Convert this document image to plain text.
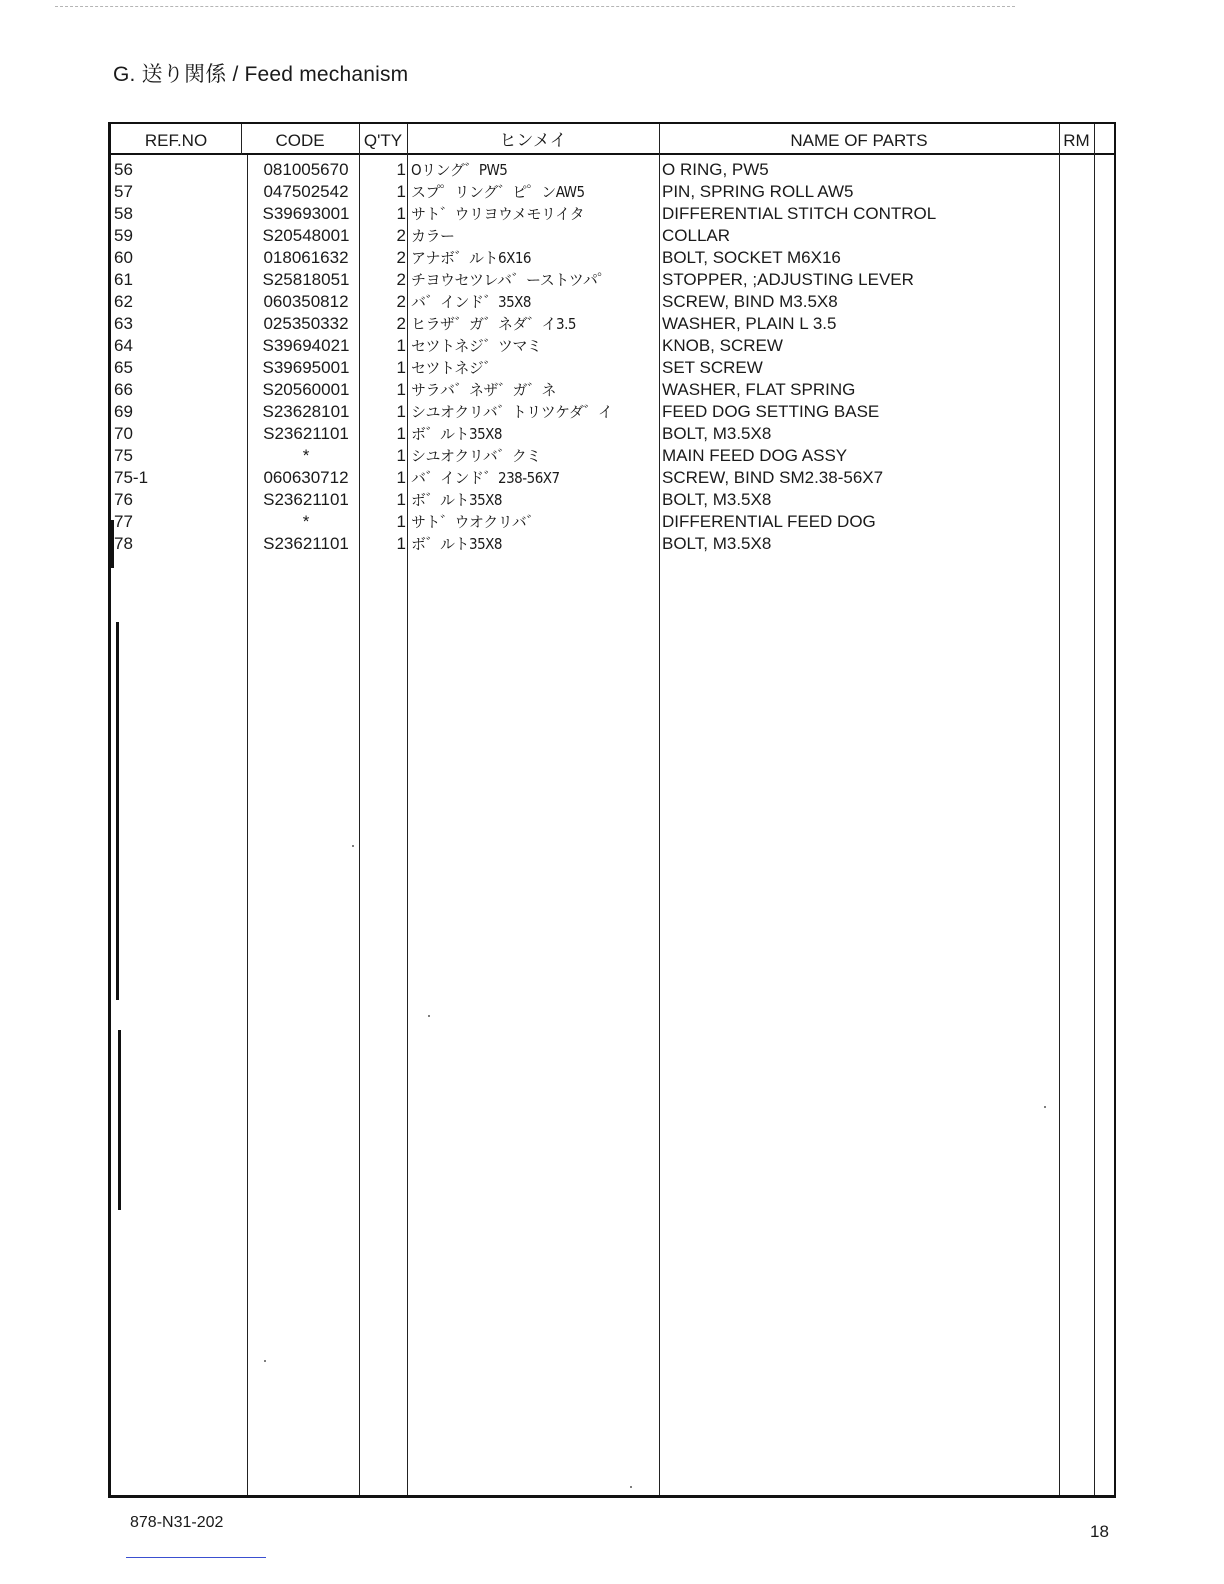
G. 送り関係 / Feed mechanism
REF.NO	CODE	Q'TY	ヒンメイ	NAME OF PARTS	RM
56	081005670	1 Oリング゛PW5	O RING, PW5
57	047502542	1 スプ゜リング゛ピ゜ンAW5	PIN, SPRING ROLL AW5
58	S39693001	1 サト゛ウリヨウメモリイタ	DIFFERENTIAL STITCH CONTROL
59	S20548001	2 カラー	COLLAR
60	018061632	2 アナボ゛ルト6X16	BOLT, SOCKET M6X16
61	S25818051	2 チヨウセツレバ゛ーストツパ゜	STOPPER, ;ADJUSTING LEVER
62	060350812	2 バ゛インド゛35X8	SCREW, BIND M3.5X8
63	025350332	2 ヒラザ゛ガ゛ネダ゛イ3.5	WASHER, PLAIN L 3.5
64	S39694021	1 セツトネジ゛ツマミ	KNOB, SCREW
65	S39695001	1 セツトネジ゛	SET SCREW
66	S20560001	1 サラバ゛ネザ゛ガ゛ネ	WASHER, FLAT SPRING
69	S23628101	1 シユオクリバ゛トリツケダ゛イ	FEED DOG SETTING BASE
70	S23621101	1 ボ゛ルト35X8	BOLT, M3.5X8
75	*	1 シユオクリバ゛クミ	MAIN FEED DOG ASSY
75-1	060630712	1 バ゛インド゛238-56X7	SCREW, BIND SM2.38-56X7
76	S23621101	1 ボ゛ルト35X8	BOLT, M3.5X8
77	*	1 サト゛ウオクリバ゛	DIFFERENTIAL FEED DOG
78	S23621101	1 ボ゛ルト35X8	BOLT, M3.5X8
878-N31-202	18
